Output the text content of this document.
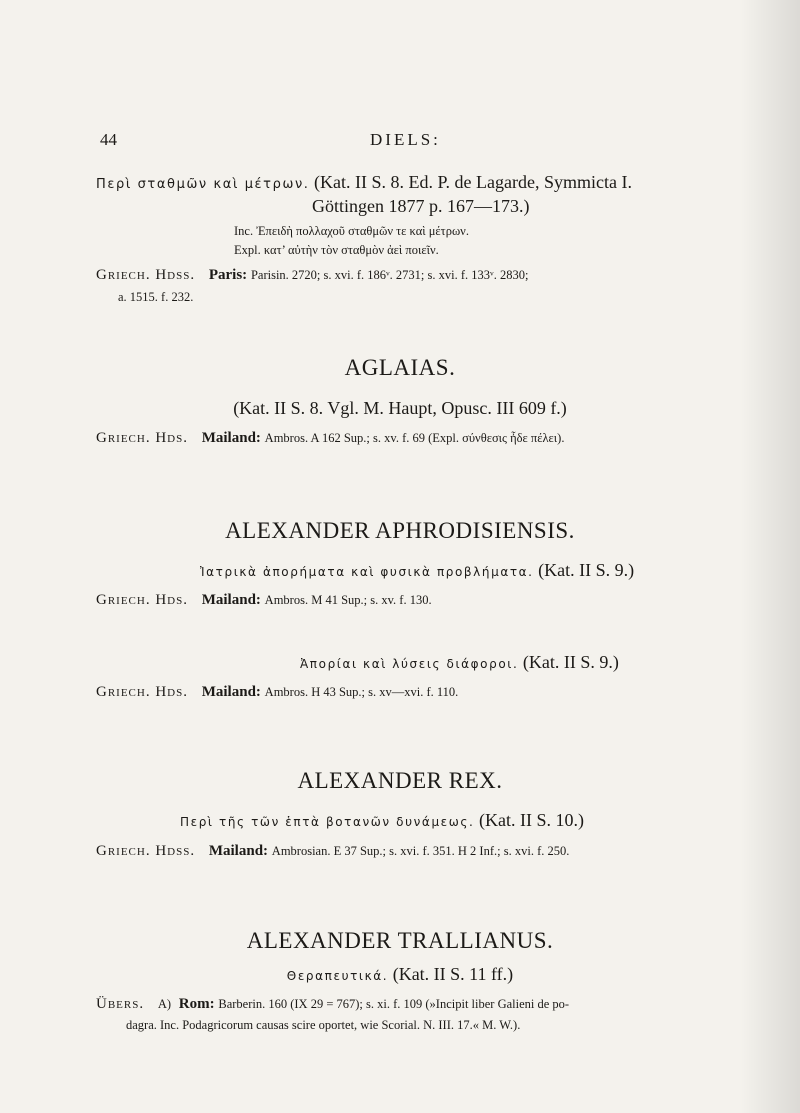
44	DIELS:
Περὶ σταθμῶν καὶ μέτρων. (Kat. II S. 8. Ed. P. de Lagarde, Symmicta I.
Göttingen 1877 p. 167—173.)
Inc. Ἐπειδὴ πολλαχοῦ σταθμῶν τε καὶ μέτρων.
Expl. κατ’ αὐτὴν τὸν σταθμὸν ἀεὶ ποιεῖν.
Griech. Hdss. Paris: Parisin. 2720; s. xvi. f. 186ᵛ. 2731; s. xvi. f. 133ᵛ. 2830;
a. 1515. f. 232.
AGLAIAS.
(Kat. II S. 8. Vgl. M. Haupt, Opusc. III 609 f.)
Griech. Hds. Mailand: Ambros. A 162 Sup.; s. xv. f. 69 (Expl. σύνθεσις ἦδε πέλει).
ALEXANDER APHRODISIENSIS.
Ἰατρικὰ ἀπορήματα καὶ φυσικὰ προβλήματα. (Kat. II S. 9.)
Griech. Hds. Mailand: Ambros. M 41 Sup.; s. xv. f. 130.
Ἀπορίαι καὶ λύσεις διάφοροι. (Kat. II S. 9.)
Griech. Hds. Mailand: Ambros. H 43 Sup.; s. xv—xvi. f. 110.
ALEXANDER REX.
Περὶ τῆς τῶν ἑπτὰ βοτανῶν δυνάμεως. (Kat. II S. 10.)
Griech. Hdss. Mailand: Ambrosian. E 37 Sup.; s. xvi. f. 351. H 2 Inf.; s. xvi. f. 250.
ALEXANDER TRALLIANUS.
Θεραπευτικά. (Kat. II S. 11 ff.)
Übers. A) Rom: Barberin. 160 (IX 29 = 767); s. xi. f. 109 (»Incipit liber Galieni de po-
dagra. Inc. Podagricorum causas scire oportet, wie Scorial. N. III. 17.« M. W.).
